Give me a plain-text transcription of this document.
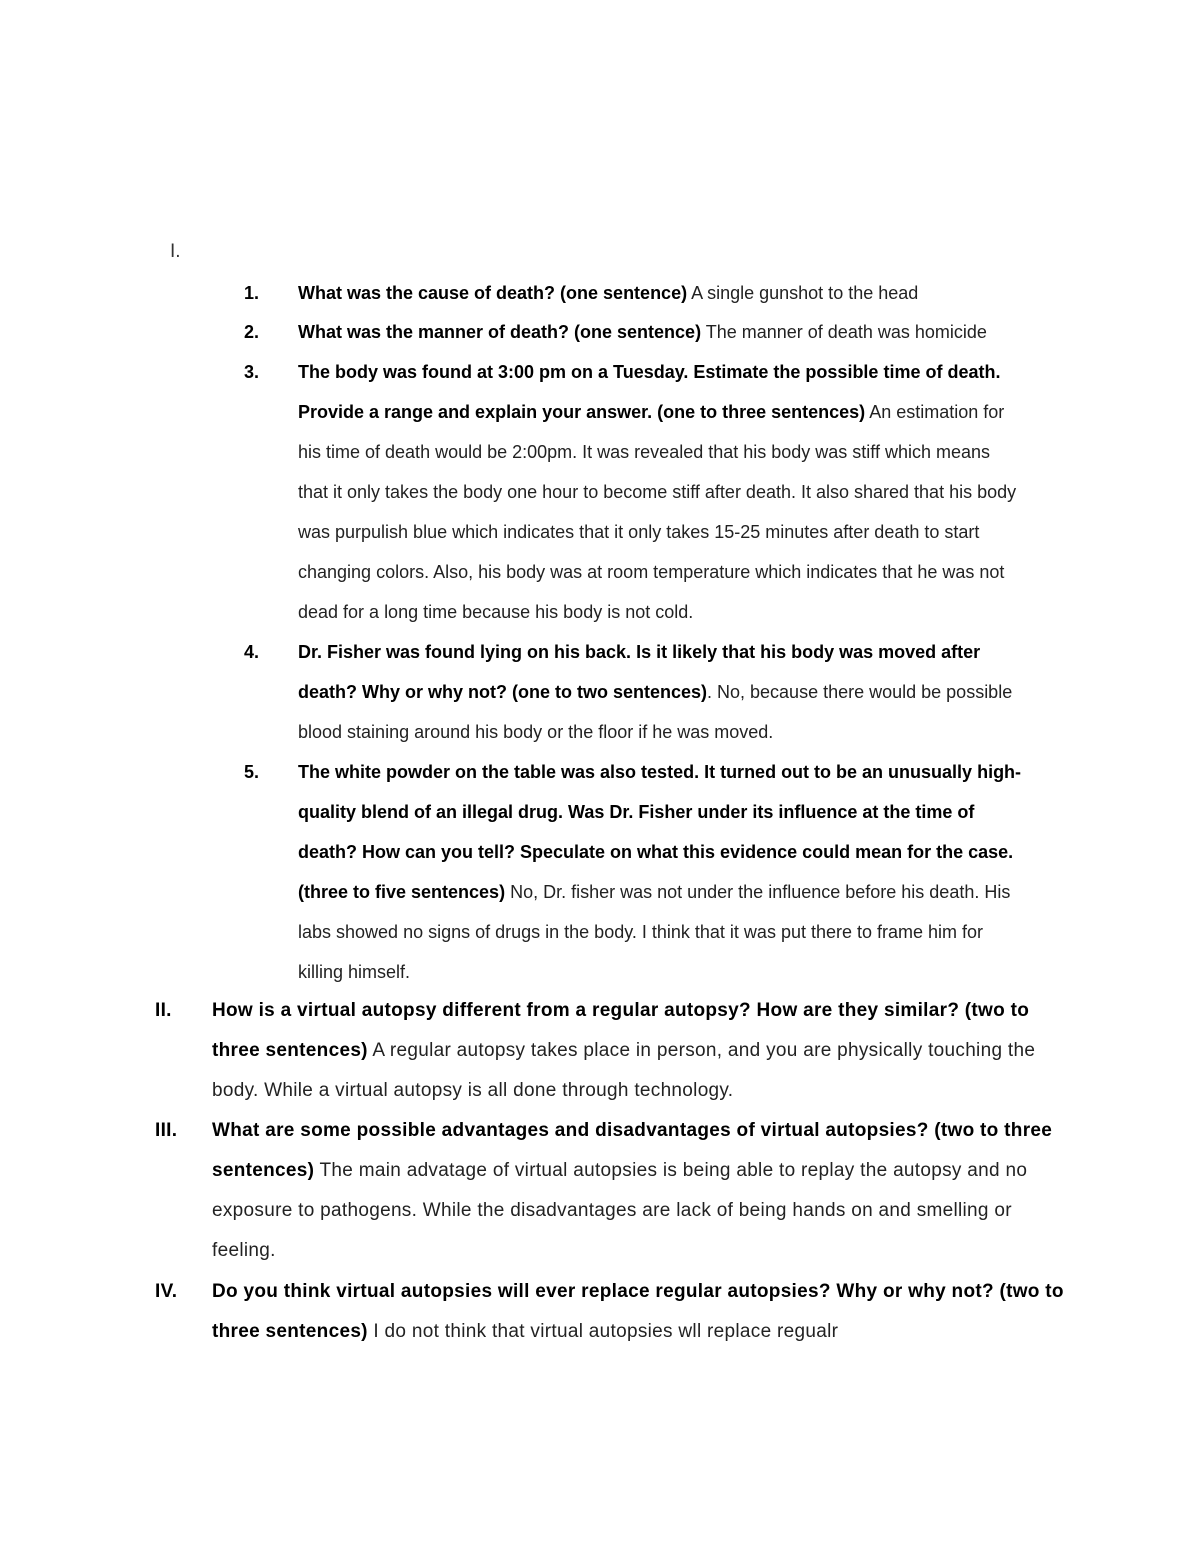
I.
1. What was the cause of death? (one sentence) A single gunshot to the head
2. What was the manner of death? (one sentence) The manner of death was homicide
3. The body was found at 3:00 pm on a Tuesday. Estimate the possible time of death. Provide a range and explain your answer. (one to three sentences) An estimation for his time of death would be 2:00pm. It was revealed that his body was stiff which means that it only takes the body one hour to become stiff after death. It also shared that his body was purpulish blue which indicates that it only takes 15-25 minutes after death to start changing colors. Also, his body was at room temperature which indicates that he was not dead for a long time because his body is not cold.
4. Dr. Fisher was found lying on his back. Is it likely that his body was moved after death? Why or why not? (one to two sentences). No, because there would be possible blood staining around his body or the floor if he was moved.
5. The white powder on the table was also tested. It turned out to be an unusually high-quality blend of an illegal drug. Was Dr. Fisher under its influence at the time of death? How can you tell? Speculate on what this evidence could mean for the case. (three to five sentences) No, Dr. fisher was not under the influence before his death. His labs showed no signs of drugs in the body. I think that it was put there to frame him for killing himself.
II. How is a virtual autopsy different from a regular autopsy? How are they similar? (two to three sentences) A regular autopsy takes place in person, and you are physically touching the body. While a virtual autopsy is all done through technology.
III. What are some possible advantages and disadvantages of virtual autopsies? (two to three sentences) The main advatage of virtual autopsies is being able to replay the autopsy and no exposure to pathogens. While the disadvantages are lack of being hands on and smelling or feeling.
IV. Do you think virtual autopsies will ever replace regular autopsies? Why or why not? (two to three sentences) I do not think that virtual autopsies wll replace regualr
